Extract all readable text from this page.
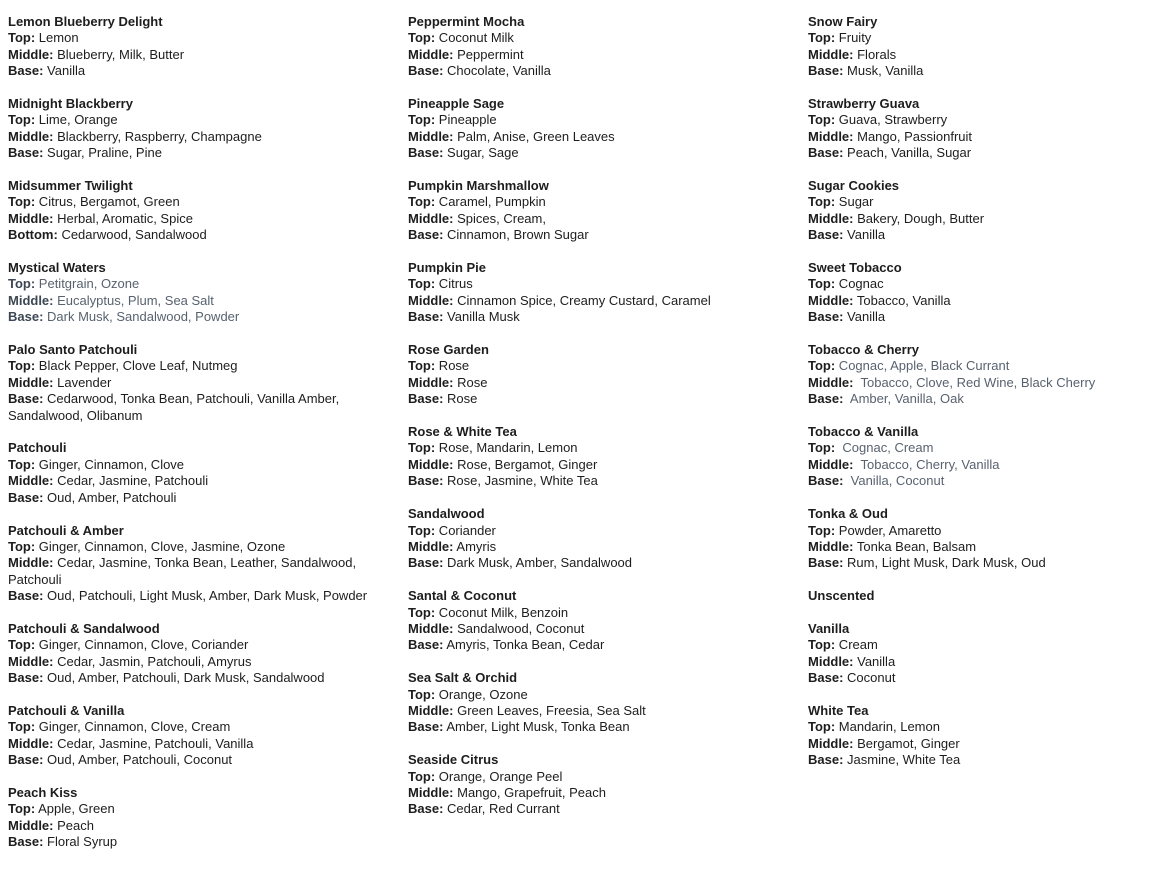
Lemon Blueberry Delight
Top: Lemon
Middle: Blueberry, Milk, Butter
Base: Vanilla
Midnight Blackberry
Top: Lime, Orange
Middle: Blackberry, Raspberry, Champagne
Base: Sugar, Praline, Pine
Midsummer Twilight
Top: Citrus, Bergamot, Green
Middle: Herbal, Aromatic, Spice
Bottom: Cedarwood, Sandalwood
Mystical Waters
Top: Petitgrain, Ozone
Middle: Eucalyptus, Plum, Sea Salt
Base: Dark Musk, Sandalwood, Powder
Palo Santo Patchouli
Top: Black Pepper, Clove Leaf, Nutmeg
Middle: Lavender
Base: Cedarwood, Tonka Bean, Patchouli, Vanilla Amber, Sandalwood, Olibanum
Patchouli
Top: Ginger, Cinnamon, Clove
Middle: Cedar, Jasmine, Patchouli
Base: Oud, Amber, Patchouli
Patchouli & Amber
Top: Ginger, Cinnamon, Clove, Jasmine, Ozone
Middle: Cedar, Jasmine, Tonka Bean, Leather, Sandalwood, Patchouli
Base: Oud, Patchouli, Light Musk, Amber, Dark Musk, Powder
Patchouli & Sandalwood
Top: Ginger, Cinnamon, Clove, Coriander
Middle: Cedar, Jasmin, Patchouli, Amyrus
Base: Oud, Amber, Patchouli, Dark Musk, Sandalwood
Patchouli & Vanilla
Top: Ginger, Cinnamon, Clove, Cream
Middle: Cedar, Jasmine, Patchouli, Vanilla
Base: Oud, Amber, Patchouli, Coconut
Peach Kiss
Top: Apple, Green
Middle: Peach
Base: Floral Syrup
Peppermint Mocha
Top: Coconut Milk
Middle: Peppermint
Base: Chocolate, Vanilla
Pineapple Sage
Top: Pineapple
Middle: Palm, Anise, Green Leaves
Base: Sugar, Sage
Pumpkin Marshmallow
Top: Caramel, Pumpkin
Middle: Spices, Cream,
Base: Cinnamon, Brown Sugar
Pumpkin Pie
Top: Citrus
Middle: Cinnamon Spice, Creamy Custard, Caramel
Base: Vanilla Musk
Rose Garden
Top: Rose
Middle: Rose
Base: Rose
Rose & White Tea
Top: Rose, Mandarin, Lemon
Middle: Rose, Bergamot, Ginger
Base: Rose, Jasmine, White Tea
Sandalwood
Top: Coriander
Middle: Amyris
Base: Dark Musk, Amber, Sandalwood
Santal & Coconut
Top: Coconut Milk, Benzoin
Middle: Sandalwood, Coconut
Base: Amyris, Tonka Bean, Cedar
Sea Salt & Orchid
Top: Orange, Ozone
Middle: Green Leaves, Freesia, Sea Salt
Base: Amber, Light Musk, Tonka Bean
Seaside Citrus
Top: Orange, Orange Peel
Middle: Mango, Grapefruit, Peach
Base: Cedar, Red Currant
Snow Fairy
Top: Fruity
Middle: Florals
Base: Musk, Vanilla
Strawberry Guava
Top: Guava, Strawberry
Middle: Mango, Passionfruit
Base: Peach, Vanilla, Sugar
Sugar Cookies
Top: Sugar
Middle: Bakery, Dough, Butter
Base: Vanilla
Sweet Tobacco
Top: Cognac
Middle: Tobacco, Vanilla
Base: Vanilla
Tobacco & Cherry
Top: Cognac, Apple, Black Currant
Middle:  Tobacco, Clove, Red Wine, Black Cherry
Base:  Amber, Vanilla, Oak
Tobacco & Vanilla
Top:  Cognac, Cream
Middle:  Tobacco, Cherry, Vanilla
Base:  Vanilla, Coconut
Tonka & Oud
Top: Powder, Amaretto
Middle: Tonka Bean, Balsam
Base: Rum, Light Musk, Dark Musk, Oud
Unscented
Vanilla
Top: Cream
Middle: Vanilla
Base: Coconut
White Tea
Top: Mandarin, Lemon
Middle: Bergamot, Ginger
Base: Jasmine, White Tea
